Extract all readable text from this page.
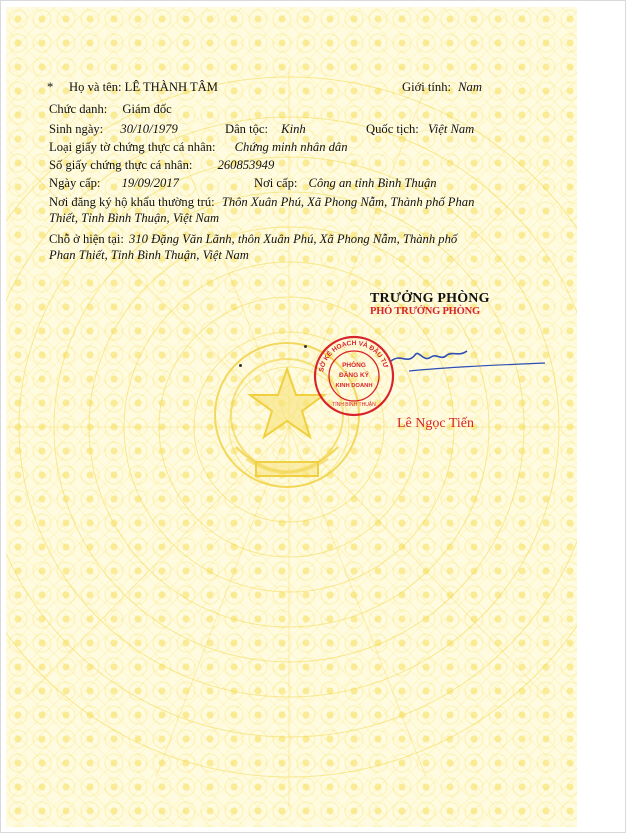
* Họ và tên: LÊ THÀNH TÂM	Giới tính: Nam
Chức danh: Giám đốc
Sinh ngày: 30/10/1979	Dân tộc: Kinh	Quốc tịch: Việt Nam
Loại giấy tờ chứng thực cá nhân: Chứng minh nhân dân
Số giấy chứng thực cá nhân: 260853949
Ngày cấp: 19/09/2017	Nơi cấp: Công an tỉnh Bình Thuận
Nơi đăng ký hộ khẩu thường trú: Thôn Xuân Phú, Xã Phong Nẫm, Thành phố Phan
Thiết, Tỉnh Bình Thuận, Việt Nam
Chỗ ở hiện tại: 310 Đặng Văn Lãnh, thôn Xuân Phú, Xã Phong Nẫm, Thành phố
Phan Thiết, Tỉnh Bình Thuận, Việt Nam
TRƯỞNG PHÒNG
PHÓ TRƯỞNG PHÒNG
SỞ KẾ HOẠCH VÀ ĐẦU TƯ
PHÒNG
ĐĂNG KÝ
KINH DOANH
TỈNH BÌNH THUẬN
Lê Ngọc Tiến
